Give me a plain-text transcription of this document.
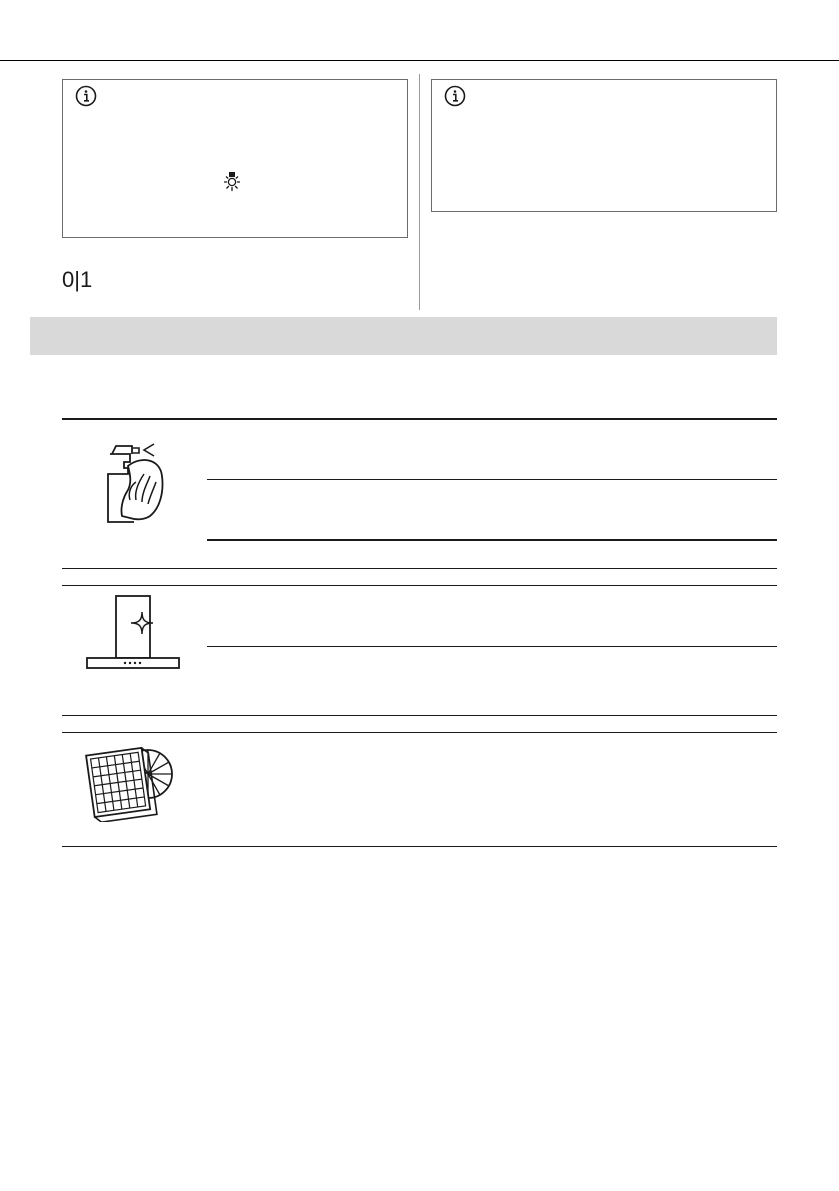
0|1
